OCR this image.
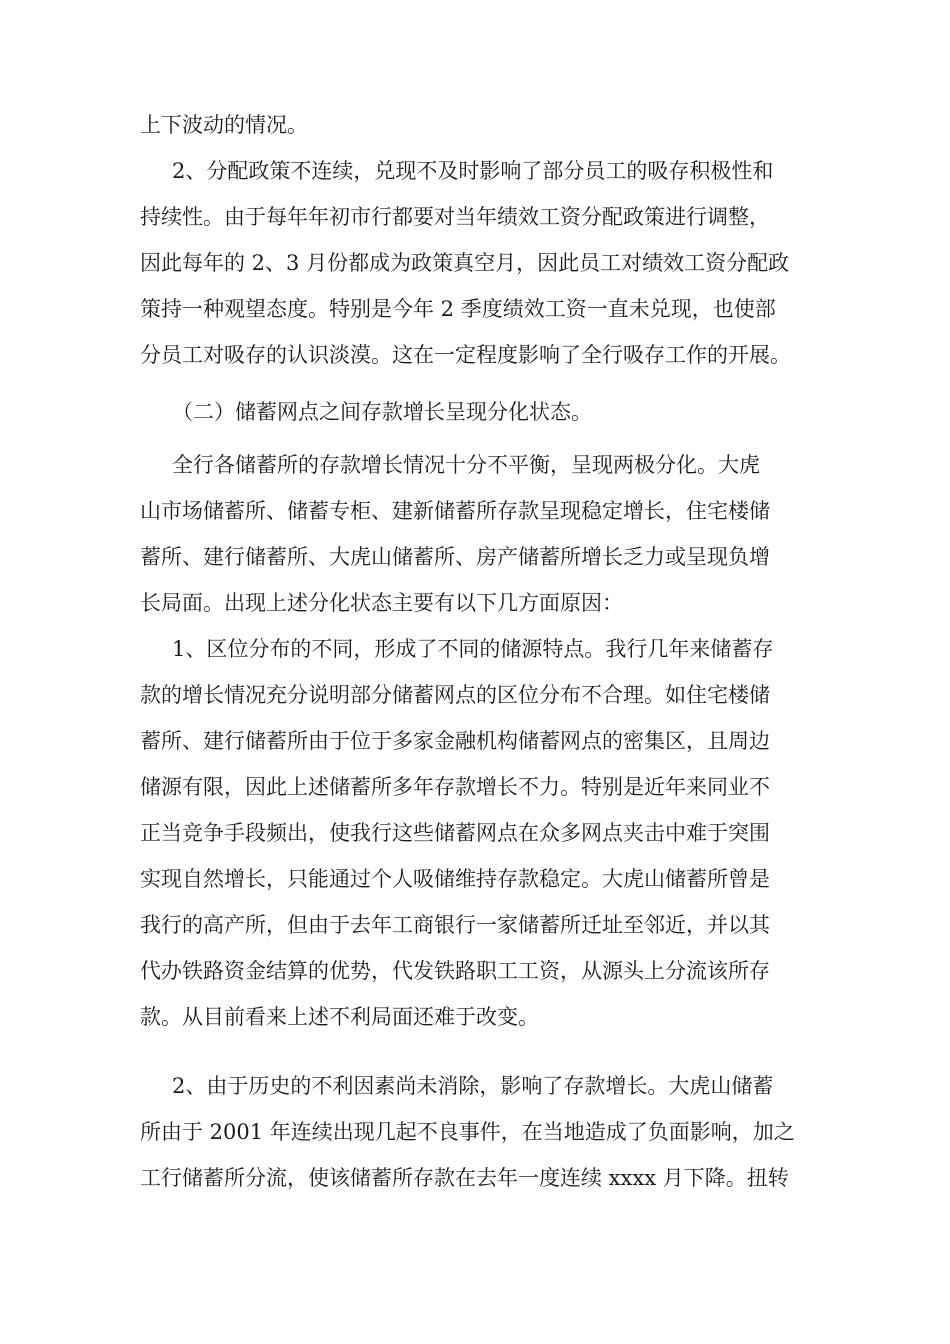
上下波动的情况。
2、分配政策不连续，兑现不及时影响了部分员工的吸存积极性和
持续性。由于每年年初市行都要对当年绩效工资分配政策进行调整，
因此每年的 2、3 月份都成为政策真空月，因此员工对绩效工资分配政
策持一种观望态度。特别是今年 2 季度绩效工资一直未兑现，也使部
分员工对吸存的认识淡漠。这在一定程度影响了全行吸存工作的开展。
（二）储蓄网点之间存款增长呈现分化状态。
全行各储蓄所的存款增长情况十分不平衡，呈现两极分化。大虎
山市场储蓄所、储蓄专柜、建新储蓄所存款呈现稳定增长，住宅楼储
蓄所、建行储蓄所、大虎山储蓄所、房产储蓄所增长乏力或呈现负增
长局面。出现上述分化状态主要有以下几方面原因：
1、区位分布的不同，形成了不同的储源特点。我行几年来储蓄存
款的增长情况充分说明部分储蓄网点的区位分布不合理。如住宅楼储
蓄所、建行储蓄所由于位于多家金融机构储蓄网点的密集区，且周边
储源有限，因此上述储蓄所多年存款增长不力。特别是近年来同业不
正当竞争手段频出，使我行这些储蓄网点在众多网点夹击中难于突围
实现自然增长，只能通过个人吸储维持存款稳定。大虎山储蓄所曾是
我行的高产所，但由于去年工商银行一家储蓄所迁址至邻近，并以其
代办铁路资金结算的优势，代发铁路职工工资，从源头上分流该所存
款。从目前看来上述不利局面还难于改变。
2、由于历史的不利因素尚未消除，影响了存款增长。大虎山储蓄
所由于 2001 年连续出现几起不良事件，在当地造成了负面影响，加之
工行储蓄所分流，使该储蓄所存款在去年一度连续 xxxx 月下降。扭转
